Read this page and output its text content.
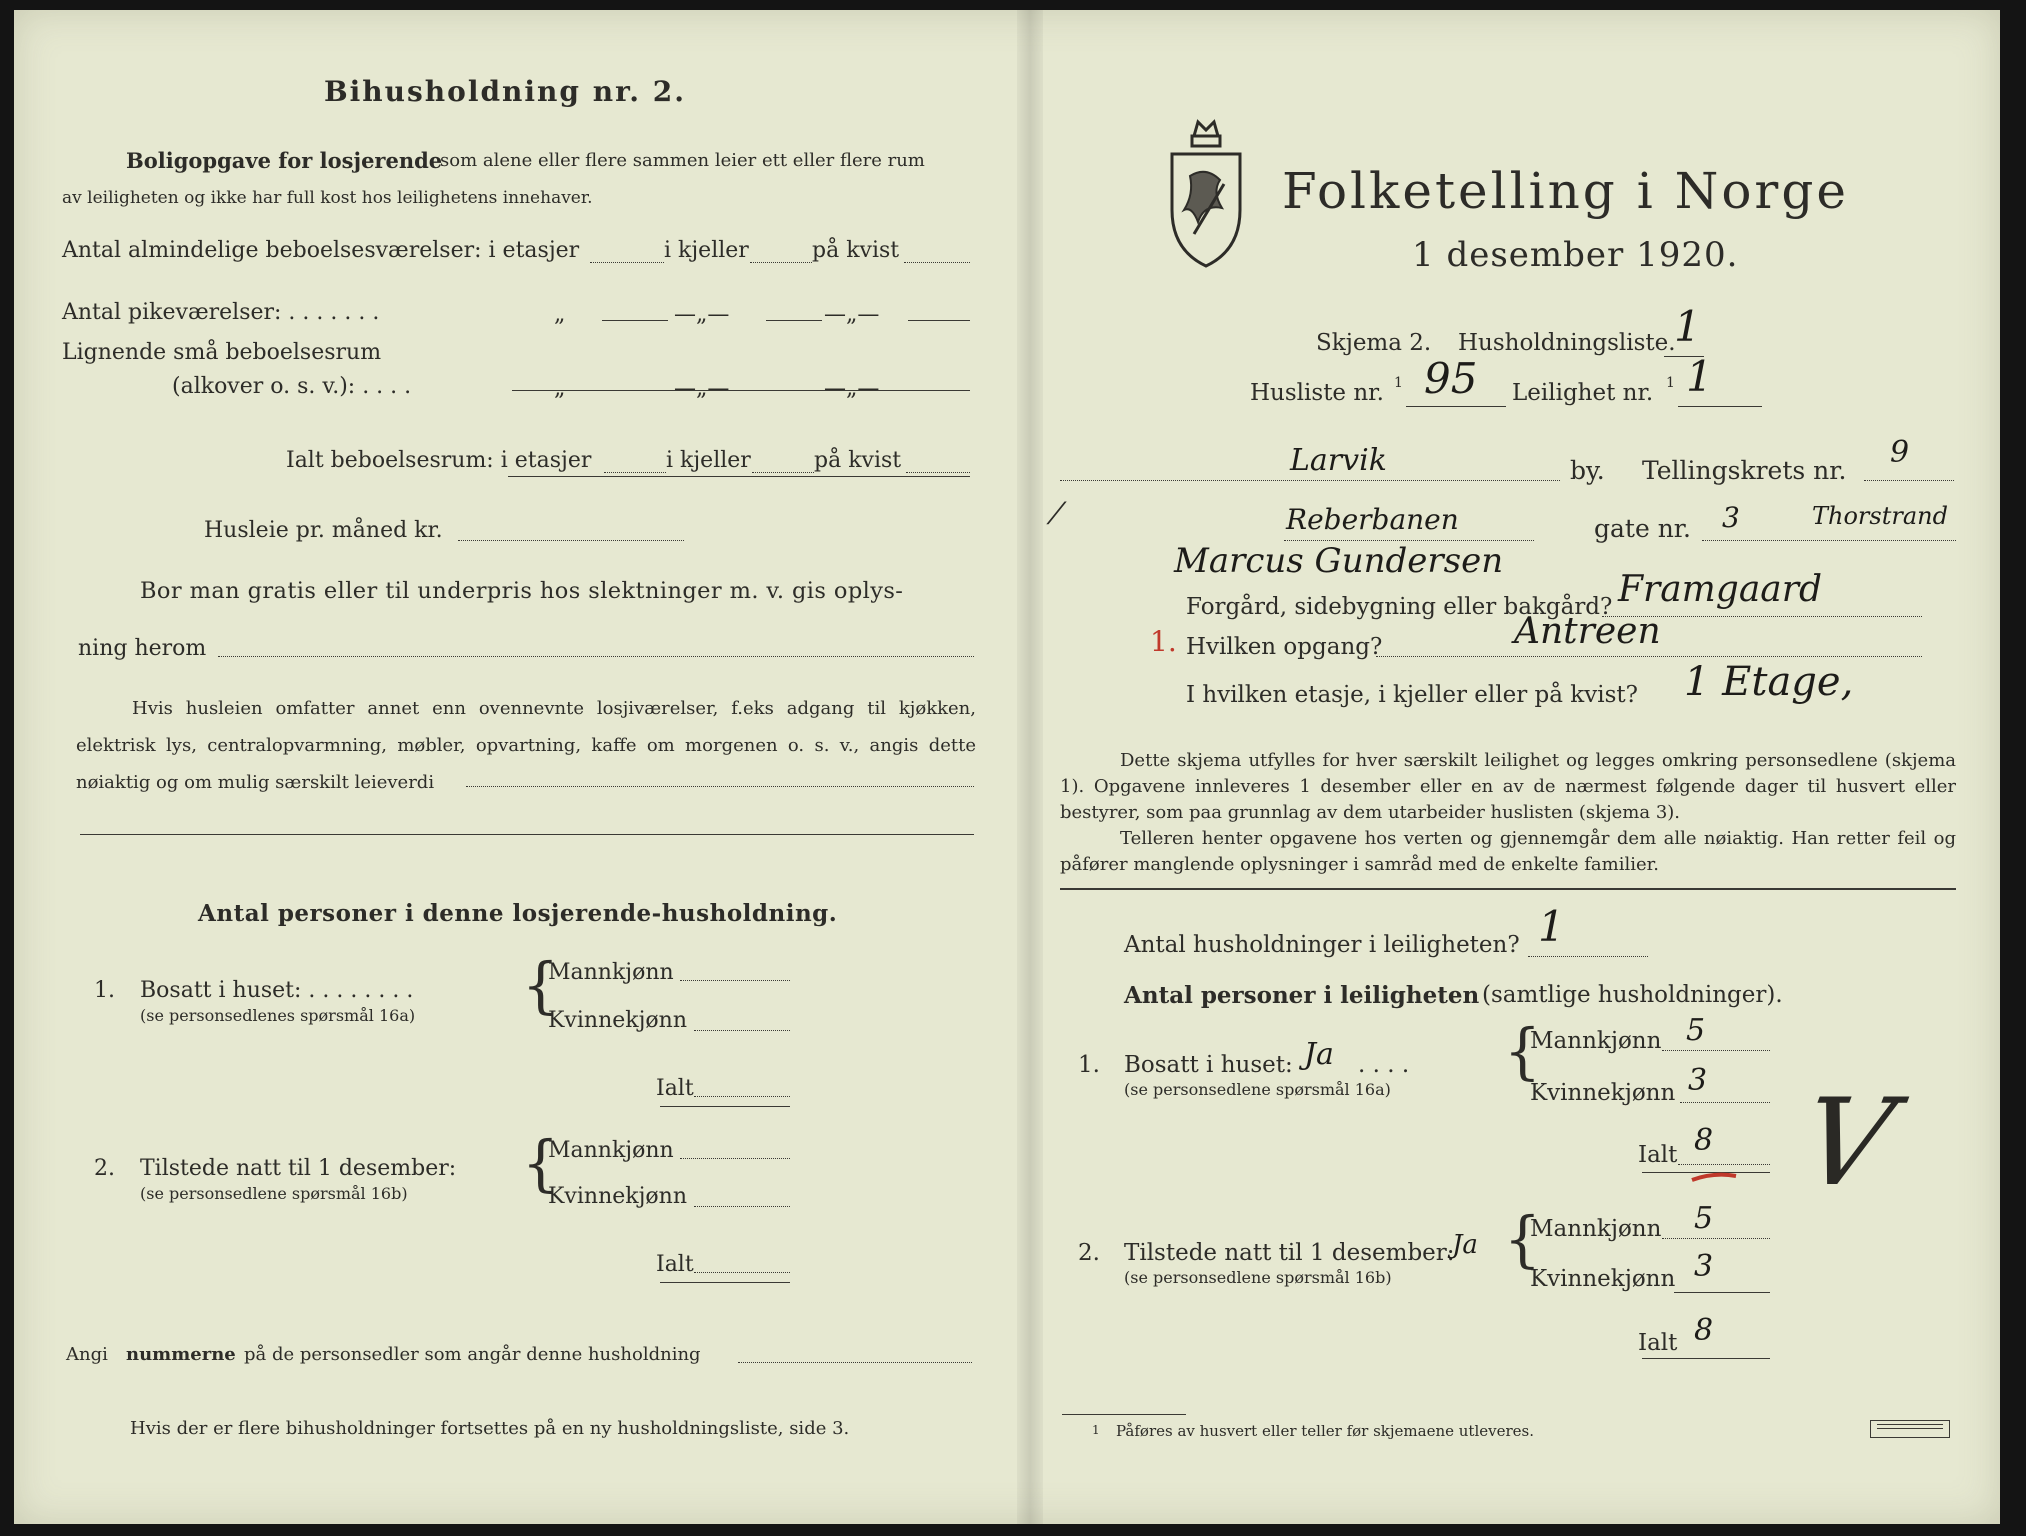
Bihusholdning nr. 2.
Boligopgave for losjerende
som alene eller flere sammen leier ett eller flere rum
av leiligheten og ikke har full kost hos leilighetens innehaver.
Antal almindelige beboelsesværelser: i etasjer	i kjeller	på kvist
Antal pikeværelser: . . . . . . .	„	—„—	—„—
Lignende små beboelsesrum
(alkover o. s. v.): . . . .	„	—„—	—„—
Ialt beboelsesrum: i etasjer	i kjeller	på kvist
Husleie pr. måned kr.
Bor man gratis eller til underpris hos slektninger m. v. gis oplys-
ning herom
Hvis husleien omfatter annet enn ovennevnte losjiværelser, f.eks adgang til kjøkken, elektrisk lys, centralopvarmning, møbler, opvartning, kaffe om morgenen o. s. v., angis dette nøiaktig og om mulig særskilt leieverdi
Antal personer i denne losjerende-husholdning.
1. Bosatt i huset: . . . . . . . .
(se personsedlenes spørsmål 16a) {
Mannkjønn
Kvinnekjønn
Ialt
2. Tilstede natt til 1 desember:
(se personsedlene spørsmål 16b) {
Mannkjønn
Kvinnekjønn
Ialt
Angi nummerne på de personsedler som angår denne husholdning
Hvis der er flere bihusholdninger fortsettes på en ny husholdningsliste, side 3.
Folketelling i Norge
1 desember 1920.
Skjema 2. Husholdningsliste.
1
Husliste nr. 1 95 Leilighet nr. 1 1
Larvik	by. Tellingskrets nr.
9
⁄	Reberbanen	gate nr. 3	Thorstrand
Marcus Gundersen
Forgård, sidebygning eller bakgård? Framgaard
1. Hvilken opgang?	Antreen
I hvilken etasje, i kjeller eller på kvist? 1 Etage,
Dette skjema utfylles for hver særskilt leilighet og legges omkring personsedlene (skjema 1). Opgavene innleveres 1 desember eller en av de nærmest følgende dager til husvert eller bestyrer, som paa grunnlag av dem utarbeider huslisten (skjema 3).
Telleren henter opgavene hos verten og gjennemgår dem alle nøiaktig. Han retter feil og påfører manglende oplysninger i samråd med de enkelte familier.
Antal husholdninger i leiligheten? 1
Antal personer i leiligheten (samtlige husholdninger).
1. Bosatt i huset: Ja . . . .
(se personsedlene spørsmål 16a)
{
Mannkjønn 5
Kvinnekjønn 3
Ialt 8 V
2. Tilstede natt til 1 desember:
Ja
(se personsedlene spørsmål 16b)
{
Mannkjønn 5
Kvinnekjønn 3
Ialt 8
1 Påføres av husvert eller teller før skjemaene utleveres.
